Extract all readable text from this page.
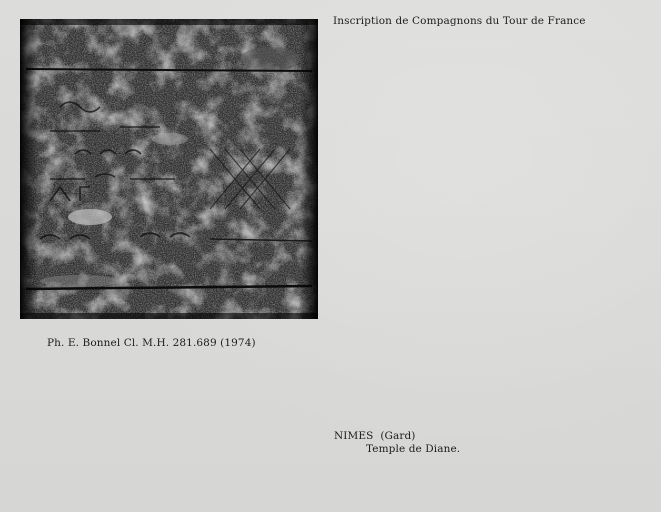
Inscription de Compagnons du Tour de France
Ph. E. Bonnel Cl. M.H. 281.689 (1974)
NIMES  (Gard)
Temple de Diane.
